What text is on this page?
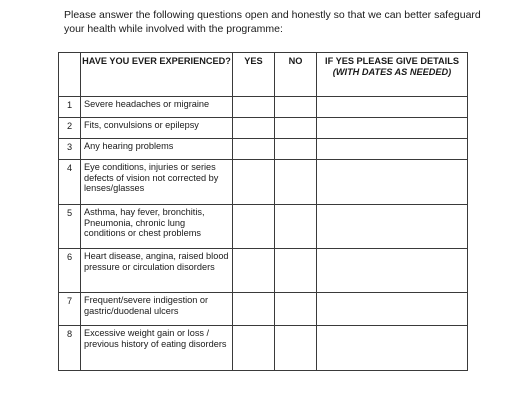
Please answer the following questions open and honestly so that we can better safeguard your health while involved with the programme:

	HAVE YOU EVER EXPERIENCED?	YES	NO	IF YES PLEASE GIVE DETAILS (WITH DATES AS NEEDED)
1	Severe headaches or migraine			
2	Fits, convulsions or epilepsy			
3	Any hearing problems			
4	Eye conditions, injuries or series defects of vision not corrected by lenses/glasses			
5	Asthma, hay fever, bronchitis, Pneumonia, chronic lung conditions or chest problems			
6	Heart disease, angina, raised blood pressure or circulation disorders			
7	Frequent/severe indigestion or gastric/duodenal ulcers			
8	Excessive weight gain or loss / previous history of eating disorders			
